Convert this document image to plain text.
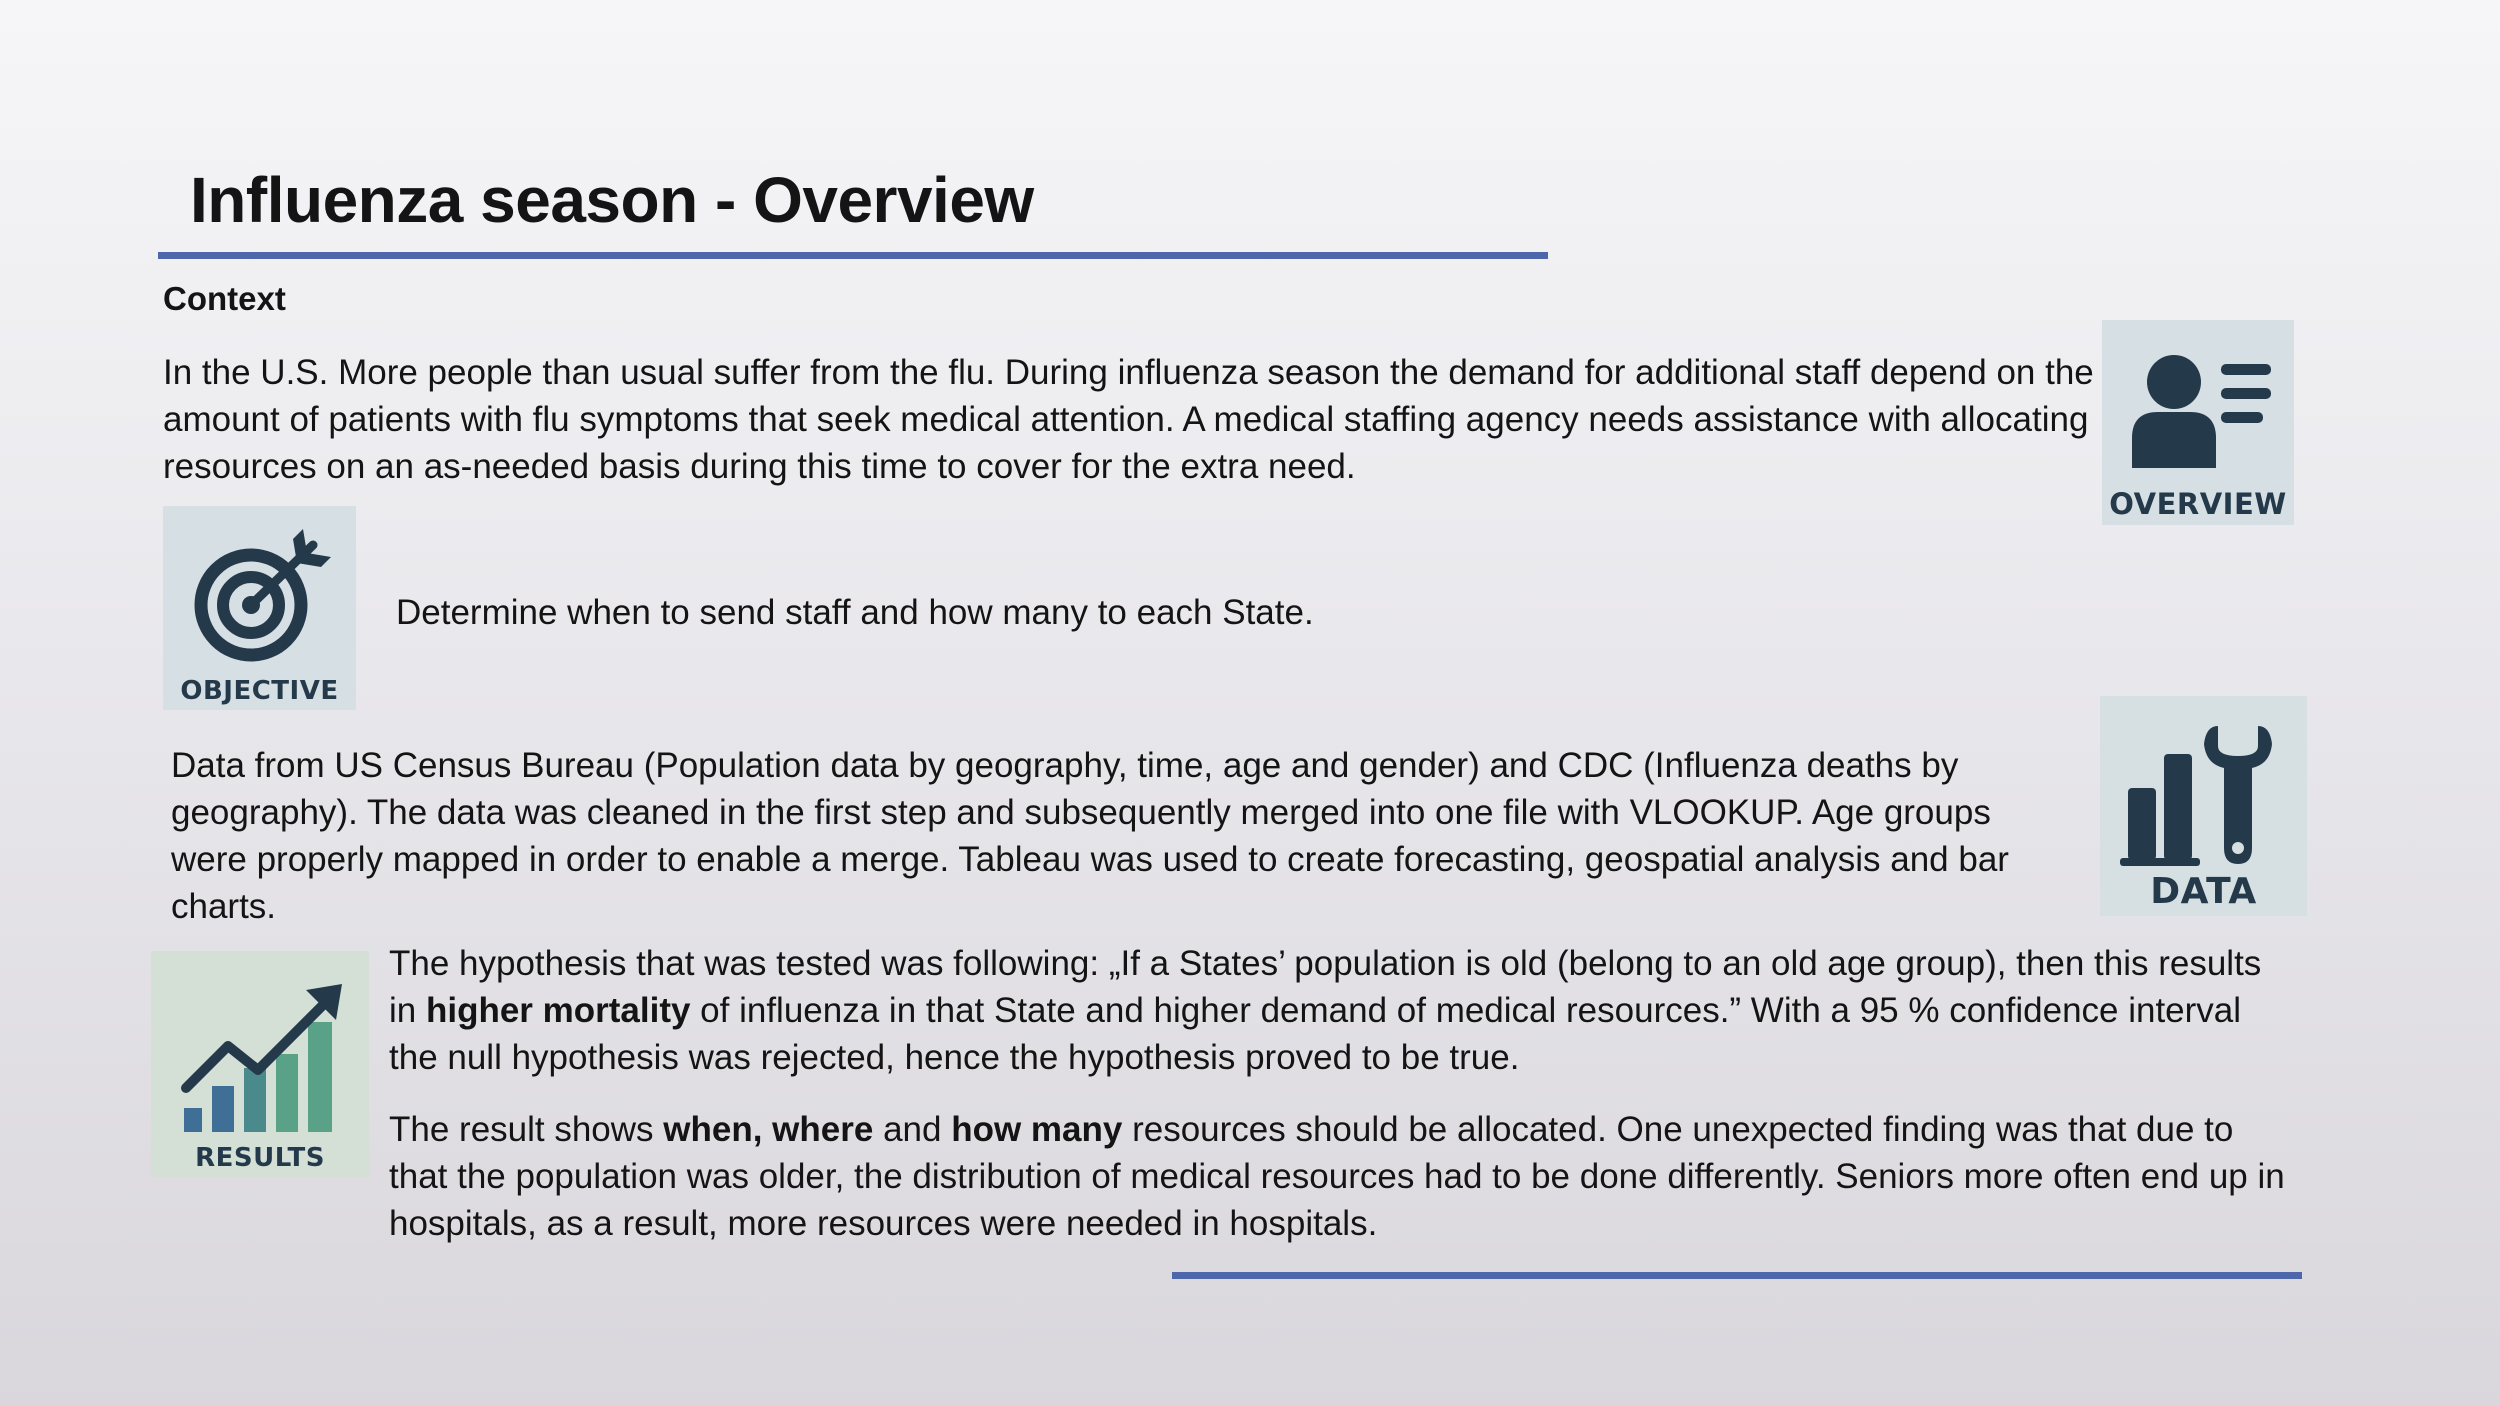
Influenza season - Overview
Context
In the U.S. More people than usual suffer from the flu. During influenza season the demand for additional staff depend on the amount of patients with flu symptoms that seek medical attention. A medical staffing agency needs assistance with allocating resources on an as-needed basis during this time to cover for the extra need.
OVERVIEW
OBJECTIVE
Determine when to send staff and how many to each State.
DATA
Data from US Census Bureau (Population data by geography, time, age and gender) and CDC (Influenza deaths by geography). The data was cleaned in the first step and subsequently merged into one file with VLOOKUP. Age groups were properly mapped in order to enable a merge. Tableau was used to create forecasting, geospatial analysis and bar charts.
RESULTS
The hypothesis that was tested was following: „If a States’ population is old (belong to an old age group), then this results in higher mortality of influenza in that State and higher demand of medical resources.” With a 95 % confidence interval the null hypothesis was rejected, hence the hypothesis proved to be true.
The result shows when, where and how many resources should be allocated. One unexpected finding was that due to that the population was older, the distribution of medical resources had to be done differently. Seniors more often end up in hospitals, as a result, more resources were needed in hospitals.
